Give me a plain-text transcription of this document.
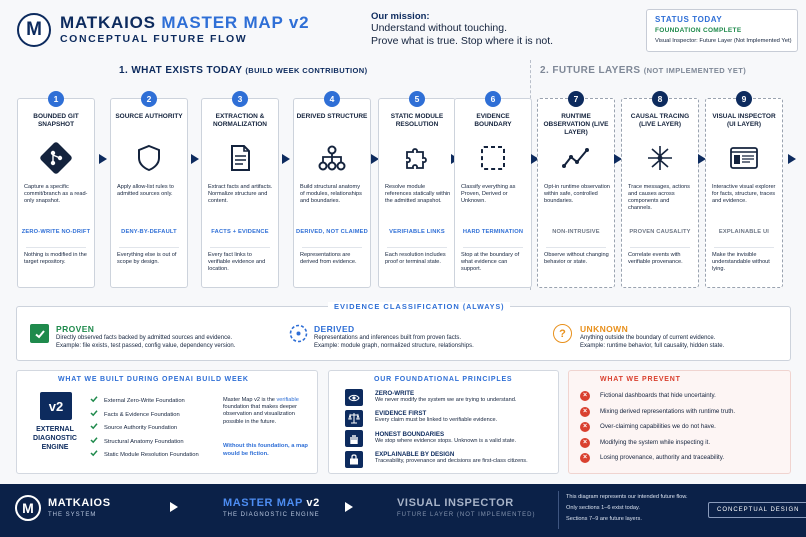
M MATKAIOS MASTER MAP v2
CONCEPTUAL FUTURE FLOW
Our mission:
Understand without touching.
Prove what is true. Stop where it is not.
STATUS TODAY
FOUNDATION COMPLETE
Visual Inspector: Future Layer (Not Implemented Yet)
1. WHAT EXISTS TODAY (BUILD WEEK CONTRIBUTION)	2. FUTURE LAYERS (NOT IMPLEMENTED YET)
1
BOUNDED GIT SNAPSHOT
Capture a specific commit/branch as a read-only snapshot.
ZERO-WRITE NO-DRIFT
Nothing is modified in the target repository.
2
SOURCE AUTHORITY
Apply allow-list rules to admitted sources only.
DENY-BY-DEFAULT
Everything else is out of scope by design.
3
EXTRACTION & NORMALIZATION
Extract facts and artifacts. Normalize structure and content.
FACTS + EVIDENCE
Every fact links to verifiable evidence and location.
4
DERIVED STRUCTURE
Build structural anatomy of modules, relationships and boundaries.
DERIVED, NOT CLAIMED
Representations are derived from evidence.
5
STATIC MODULE RESOLUTION
Resolve module references statically within the admitted snapshot.
VERIFIABLE LINKS
Each resolution includes proof or terminal state.
6
EVIDENCE BOUNDARY
Classify everything as Proven, Derived or Unknown.
HARD TERMINATION
Stop at the boundary of what evidence can support.
7
RUNTIME OBSERVATION (LIVE LAYER)
Opt-in runtime observation within safe, controlled boundaries.
NON-INTRUSIVE
Observe without changing behavior or state.
8
CAUSAL TRACING (LIVE LAYER)
Trace messages, actions and causes across components and channels.
PROVEN CAUSALITY
Correlate events with verifiable provenance.
9
VISUAL INSPECTOR (UI LAYER)
Interactive visual explorer for facts, structure, traces and evidence.
EXPLAINABLE UI
Make the invisible understandable without lying.
EVIDENCE CLASSIFICATION (ALWAYS)
PROVEN
Directly observed facts backed by admitted sources and evidence.
Example: file exists, test passed, config value, dependency version.
DERIVED
Representations and inferences built from proven facts.
Example: module graph, normalized structure, relationships.
?	UNKNOWN
Anything outside the boundary of current evidence.
Example: runtime behavior, full causality, hidden state.
WHAT WE BUILT DURING OPENAI BUILD WEEK
v2
EXTERNAL DIAGNOSTIC ENGINE
External Zero-Write Foundation
Facts & Evidence Foundation
Source Authority Foundation
Structural Anatomy Foundation
Static Module Resolution Foundation
Master Map v2 is the verifiable foundation that makes deeper observation and visualization possible in the future.
Without this foundation, a map would be fiction.
OUR FOUNDATIONAL PRINCIPLES
ZERO-WRITE
We never modify the system we are trying to understand.
EVIDENCE FIRST
Every claim must be linked to verifiable evidence.
HONEST BOUNDARIES
We stop where evidence stops. Unknown is a valid state.
EXPLAINABLE BY DESIGN
Traceability, provenance and decisions are first-class citizens.
WHAT WE PREVENT
× Fictional dashboards that hide uncertainty.
× Mixing derived representations with runtime truth.
× Over-claiming capabilities we do not have.
× Modifying the system while inspecting it.
× Losing provenance, authority and traceability.
M MATKAIOS
THE SYSTEM
MASTER MAP v2
THE DIAGNOSTIC ENGINE
VISUAL INSPECTOR
FUTURE LAYER (NOT IMPLEMENTED)
This diagram represents our intended future flow.
Only sections 1–6 exist today.
Sections 7–9 are future layers.
CONCEPTUAL DESIGN
